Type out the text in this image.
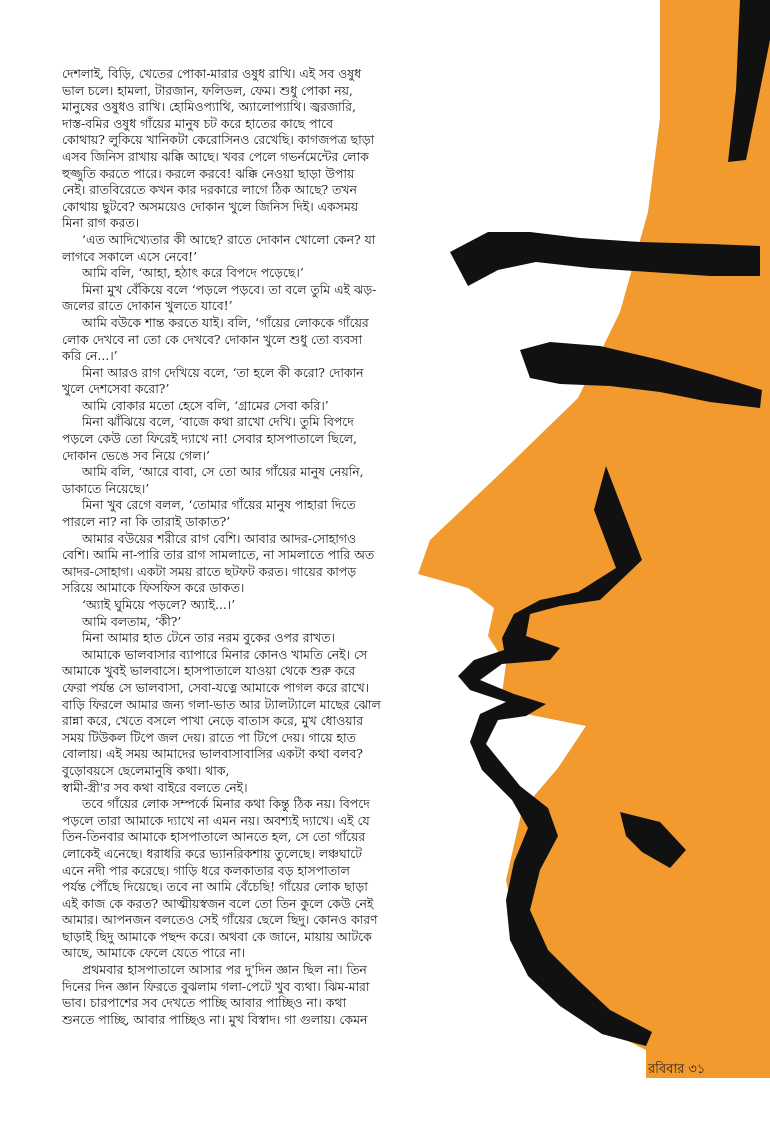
দেশলাই, বিড়ি, খেতের পোকা-মারার ওষুধ রাখি। এই সব ওষুধ
ভাল চলে। হামলা, টারজান, ফলিডল, ফেম। শুধু পোকা নয়,
মানুষের ওষুধও রাখি। হোমিওপ্যাথি, অ্যালোপ্যাথি। জ্বরজারি,
দাস্ত-বমির ওষুধ গাঁয়ের মানুষ চট করে হাতের কাছে পাবে
কোথায়? লুকিয়ে খানিকটা কেরোসিনও রেখেছি। কাগজপত্র ছাড়া
এসব জিনিস রাখায় ঝক্কি আছে। খবর পেলে গভর্নমেন্টের লোক
হুজ্জুতি করতে পারে। করলে করবে! ঝক্কি নেওয়া ছাড়া উপায়
নেই। রাতবিরেতে কখন কার দরকারে লাগে ঠিক আছে? তখন
কোথায় ছুটবে? অসময়েও দোকান খুলে জিনিস দিই। একসময়
মিনা রাগ করত।

‘এত আদিখ্যেতার কী আছে? রাতে দোকান খোলো কেন? যা
লাগবে সকালে এসে নেবে!’

আমি বলি, ‘আহা, হঠাৎ করে বিপদে পড়েছে।’

মিনা মুখ বেঁকিয়ে বলে ‘পড়লে পড়বে। তা বলে তুমি এই ঝড়-
জলের রাতে দোকান খুলতে যাবে!’

আমি বউকে শান্ত করতে যাই। বলি, ‘গাঁয়ের লোককে গাঁয়ের
লোক দেখবে না তো কে দেখবে? দোকান খুলে শুধু তো ব্যবসা
করি নে...।’

মিনা আরও রাগ দেখিয়ে বলে, ‘তা হলে কী করো? দোকান
খুলে দেশসেবা করো?’

আমি বোকার মতো হেসে বলি, ‘গ্রামের সেবা করি।’

মিনা ঝাঁঝিয়ে বলে, ‘বাজে কথা রাখো দেখি। তুমি বিপদে
পড়লে কেউ তো ফিরেই দ্যাখে না! সেবার হাসপাতালে ছিলে,
দোকান ভেঙে সব নিয়ে গেল।’

আমি বলি, ‘আরে বাবা, সে তো আর গাঁয়ের মানুষ নেয়নি,
ডাকাতে নিয়েছে।’

মিনা খুব রেগে বলল, ‘তোমার গাঁয়ের মানুষ পাহারা দিতে
পারলে না? না কি তারাই ডাকাত?’

আমার বউয়ের শরীরে রাগ বেশি। আবার আদর-সোহাগও
বেশি। আমি না-পারি তার রাগ সামলাতে, না সামলাতে পারি অত
আদর-সোহাগ। একটা সময় রাতে ছটফট করত। গায়ের কাপড়
সরিয়ে আমাকে ফিসফিস করে ডাকত।

‘অ্যাই ঘুমিয়ে পড়লে? অ্যাই...।’

আমি বলতাম, ‘কী?’

মিনা আমার হাত টেনে তার নরম বুকের ওপর রাখত।

আমাকে ভালবাসার ব্যাপারে মিনার কোনও খামতি নেই। সে
আমাকে খুবই ভালবাসে। হাসপাতালে যাওয়া থেকে শুরু করে
ফেরা পর্যন্ত সে ভালবাসা, সেবা-যত্নে আমাকে পাগল করে রাখে।
বাড়ি ফিরলে আমার জন্য গলা-ভাত আর ট্যালট্যালে মাছের ঝোল
রান্না করে, খেতে বসলে পাখা নেড়ে বাতাস করে, মুখ ধোওয়ার
সময় টিউকল টিপে জল দেয়। রাতে পা টিপে দেয়। গায়ে হাত
বোলায়। এই সময় আমাদের ভালবাসাবাসির একটা কথা বলব?
বুড়োবয়সে ছেলেমানুষি কথা। থাক,
স্বামী-স্ত্রী'র সব কথা বাইরে বলতে নেই।

তবে গাঁয়ের লোক সম্পর্কে মিনার কথা কিন্তু ঠিক নয়। বিপদে
পড়লে তারা আমাকে দ্যাখে না এমন নয়। অবশ্যই দ্যাখে। এই যে
তিন-তিনবার আমাকে হাসপাতালে আনতে হল, সে তো গাঁয়ের
লোকেই এনেছে। ধরাধরি করে ভ্যানরিকশায় তুলেছে। লঞ্চঘাটে
এনে নদী পার করেছে। গাড়ি ধরে কলকাতার বড় হাসপাতাল
পর্যন্ত পৌঁছে দিয়েছে। তবে না আমি বেঁচেছি! গাঁয়ের লোক ছাড়া
এই কাজ কে করত? আত্মীয়স্বজন বলে তো তিন কুলে কেউ নেই
আমার। আপনজন বলতেও সেই গাঁয়ের ছেলে ছিদু। কোনও কারণ
ছাড়াই ছিদু আমাকে পছন্দ করে। অথবা কে জানে, মায়ায় আটকে
আছে, আমাকে ফেলে যেতে পারে না।

প্রথমবার হাসপাতালে আসার পর দু'দিন জ্ঞান ছিল না। তিন
দিনের দিন জ্ঞান ফিরতে বুঝলাম গলা-পেটে খুব ব্যথা। ঝিম-মারা
ভাব। চারপাশের সব দেখতে পাচ্ছি আবার পাচ্ছিও না। কথা
শুনতে পাচ্ছি, আবার পাচ্ছিও না। মুখ বিস্বাদ। গা গুলায়। কেমন

রবিবার ৩১
